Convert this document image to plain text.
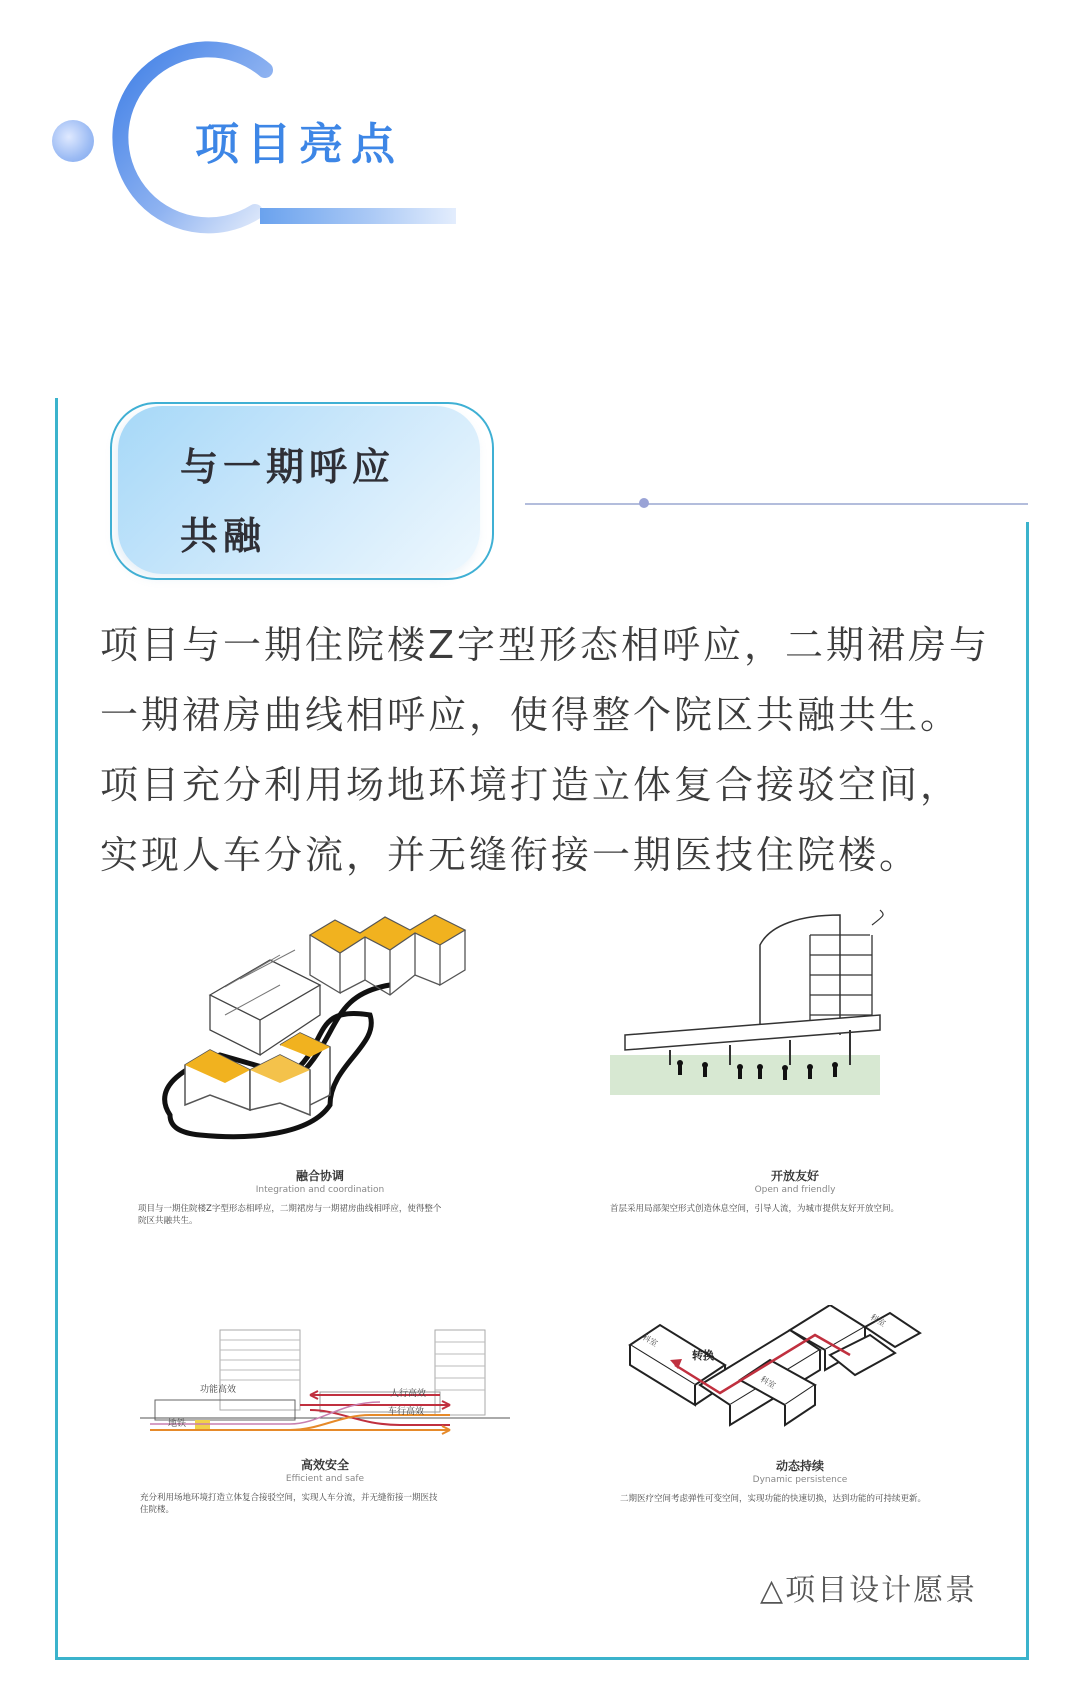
项目亮点
与一期呼应
共融

项目与一期住院楼Z字型形态相呼应，二期裙房与

一期裙房曲线相呼应，使得整个院区共融共生。

项目充分利用场地环境打造立体复合接驳空间，

实现人车分流，并无缝衔接一期医技住院楼。

融合协调
Integration and coordination
项目与一期住院楼Z字型形态相呼应，二期裙房与一期裙房曲线相呼应，使得整个
院区共融共生。
开放友好
Open and friendly
首层采用局部架空形式创造休息空间，引导人流，为城市提供友好开放空间。
功能高效
地铁
人行高效
车行高效
高效安全
Efficient and safe
充分利用场地环境打造立体复合接驳空间，实现人车分流，并无缝衔接一期医技
住院楼。
转换
科室
科室
科室
动态持续
Dynamic persistence
二期医疗空间考虑弹性可变空间，实现功能的快速切换，达到功能的可持续更新。
△项目设计愿景
